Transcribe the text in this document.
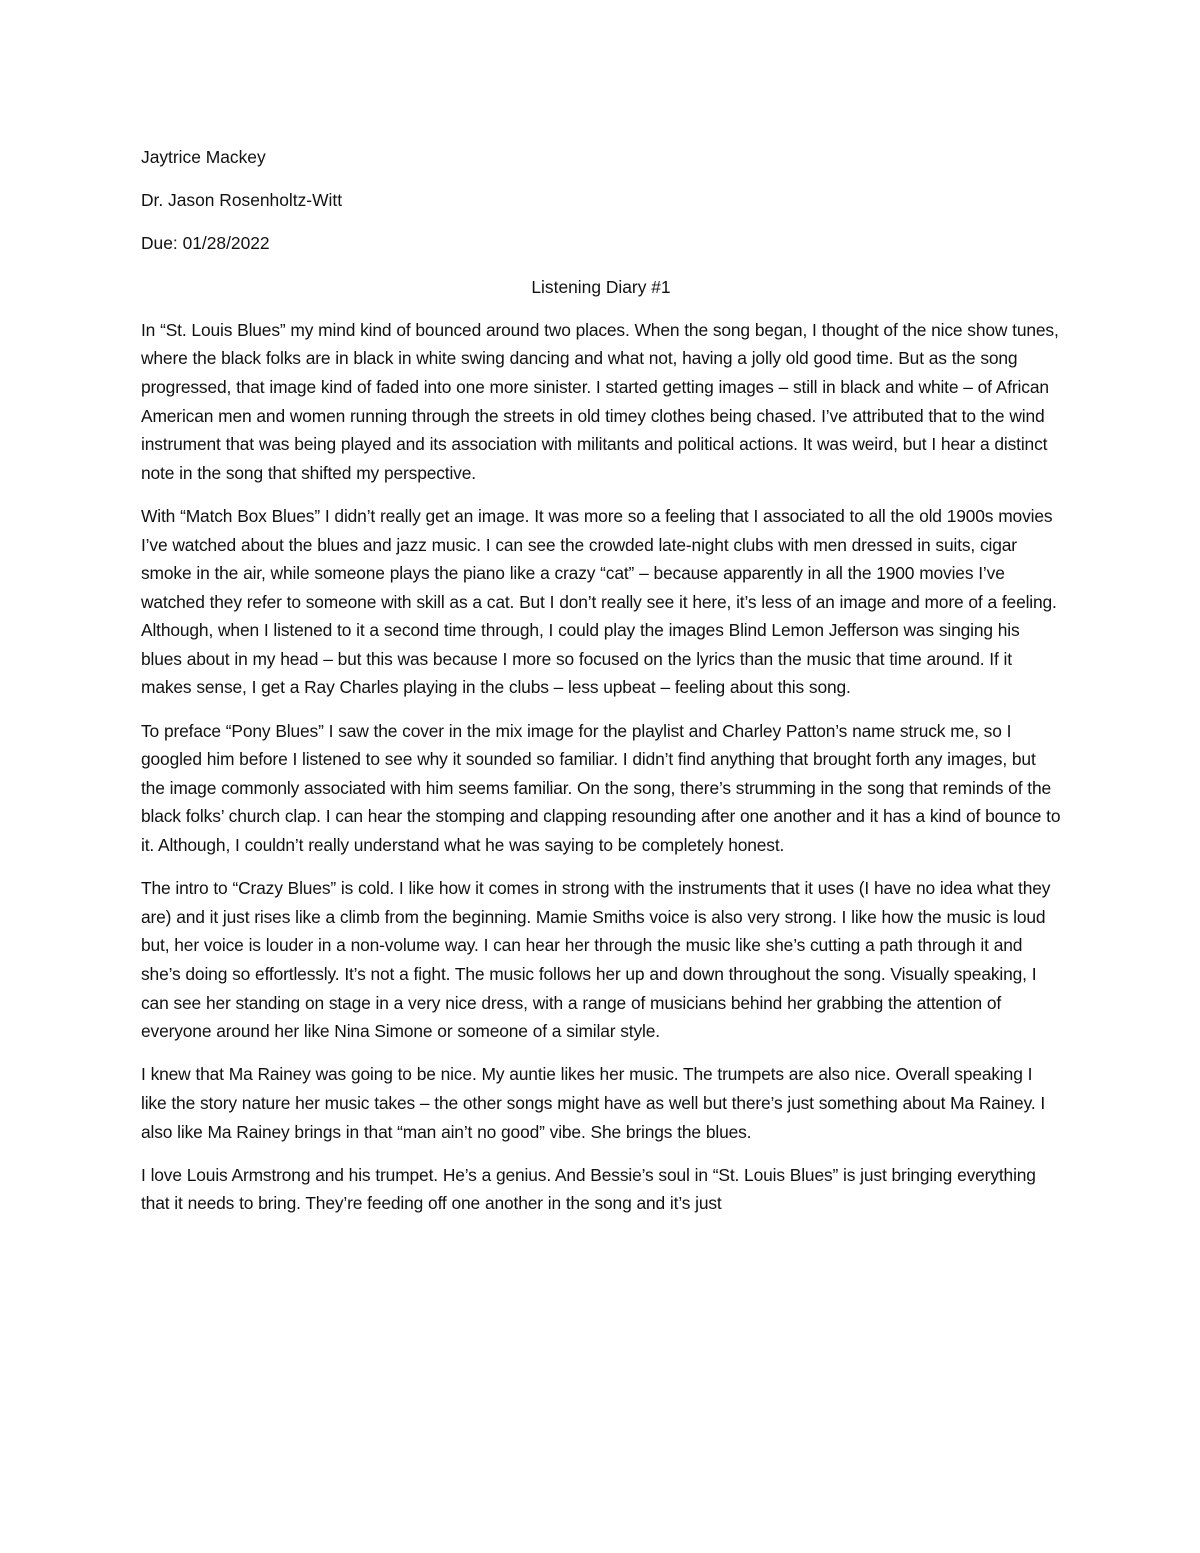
Jaytrice Mackey
Dr. Jason Rosenholtz-Witt
Due: 01/28/2022
Listening Diary #1

In “St. Louis Blues” my mind kind of bounced around two places. When the song began, I thought of the nice show tunes, where the black folks are in black in white swing dancing and what not, having a jolly old good time. But as the song progressed, that image kind of faded into one more sinister. I started getting images – still in black and white – of African American men and women running through the streets in old timey clothes being chased. I’ve attributed that to the wind instrument that was being played and its association with militants and political actions. It was weird, but I hear a distinct note in the song that shifted my perspective.

With “Match Box Blues” I didn’t really get an image. It was more so a feeling that I associated to all the old 1900s movies I’ve watched about the blues and jazz music. I can see the crowded late-night clubs with men dressed in suits, cigar smoke in the air, while someone plays the piano like a crazy “cat” – because apparently in all the 1900 movies I’ve watched they refer to someone with skill as a cat. But I don’t really see it here, it’s less of an image and more of a feeling. Although, when I listened to it a second time through, I could play the images Blind Lemon Jefferson was singing his blues about in my head – but this was because I more so focused on the lyrics than the music that time around. If it makes sense, I get a Ray Charles playing in the clubs – less upbeat – feeling about this song.

To preface “Pony Blues” I saw the cover in the mix image for the playlist and Charley Patton’s name struck me, so I googled him before I listened to see why it sounded so familiar. I didn’t find anything that brought forth any images, but the image commonly associated with him seems familiar. On the song, there’s strumming in the song that reminds of the black folks’ church clap. I can hear the stomping and clapping resounding after one another and it has a kind of bounce to it. Although, I couldn’t really understand what he was saying to be completely honest.

The intro to “Crazy Blues” is cold. I like how it comes in strong with the instruments that it uses (I have no idea what they are) and it just rises like a climb from the beginning. Mamie Smiths voice is also very strong. I like how the music is loud but, her voice is louder in a non-volume way. I can hear her through the music like she’s cutting a path through it and she’s doing so effortlessly. It’s not a fight. The music follows her up and down throughout the song. Visually speaking, I can see her standing on stage in a very nice dress, with a range of musicians behind her grabbing the attention of everyone around her like Nina Simone or someone of a similar style.

I knew that Ma Rainey was going to be nice. My auntie likes her music. The trumpets are also nice. Overall speaking I like the story nature her music takes – the other songs might have as well but there’s just something about Ma Rainey. I also like Ma Rainey brings in that “man ain’t no good” vibe. She brings the blues.

I love Louis Armstrong and his trumpet. He’s a genius. And Bessie’s soul in “St. Louis Blues” is just bringing everything that it needs to bring. They’re feeding off one another in the song and it’s just
